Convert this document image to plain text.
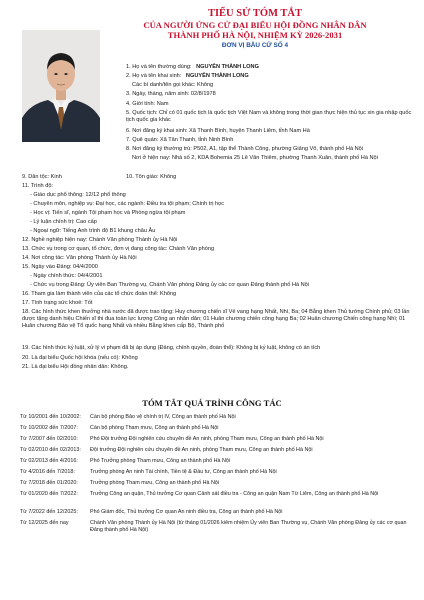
TIỂU SỬ TÓM TẮT
CỦA NGƯỜI ỨNG CỬ ĐẠI BIỂU HỘI ĐỒNG NHÂN DÂN
THÀNH PHỐ HÀ NỘI, NHIỆM KỲ 2026-2031
ĐƠN VỊ BẦU CỬ SỐ 4
1. Họ và tên thường dùng: NGUYỄN THÀNH LONG
2. Họ và tên khai sinh: NGUYỄN THÀNH LONG
Các bí danh/tên gọi khác: Không
3. Ngày, tháng, năm sinh: 02/8/1978
4. Giới tính: Nam
5. Quốc tịch: Chỉ có 01 quốc tịch là quốc tịch Việt Nam và không trong thời gian thực hiện thủ tục xin gia nhập quốc tịch quốc gia khác
6. Nơi đăng ký khai sinh: Xã Thanh Bình, huyện Thanh Liêm, tỉnh Nam Hà
7. Quê quán: Xã Tân Thanh, tỉnh Ninh Bình
8. Nơi đăng ký thường trú: P502, A1, tập thể Thành Công, phường Giảng Võ, thành phố Hà Nội
Nơi ở hiện nay: Nhà số 2, KDA Bohemia 25 Lê Văn Thiêm, phường Thanh Xuân, thành phố Hà Nội
9. Dân tộc: Kinh	10. Tôn giáo: Không
11. Trình độ:
- Giáo dục phổ thông: 12/12 phổ thông
- Chuyên môn, nghiệp vụ: Đại học, các ngành: Điều tra tội phạm; Chính trị học
- Học vị: Tiến sĩ, ngành Tội phạm học và Phòng ngừa tội phạm
- Lý luận chính trị: Cao cấp
- Ngoại ngữ: Tiếng Anh trình độ B1 khung châu Âu
12. Nghề nghiệp hiện nay: Chánh Văn phòng Thành ủy Hà Nội
13. Chức vụ trong cơ quan, tổ chức, đơn vị đang công tác: Chánh Văn phòng
14. Nơi công tác: Văn phòng Thành ủy Hà Nội
15. Ngày vào Đảng: 04/4/2000
- Ngày chính thức: 04/4/2001
- Chức vụ trong Đảng: Ủy viên Ban Thường vụ, Chánh Văn phòng Đảng ủy các cơ quan Đảng thành phố Hà Nội
16. Tham gia làm thành viên của các tổ chức đoàn thể: Không
17. Tình trạng sức khoẻ: Tốt
18. Các hình thức khen thưởng nhà nước đã được trao tặng: Huy chương chiến sĩ Vẻ vang hạng Nhất, Nhì, Ba; 04 Bằng khen Thủ tướng Chính phủ; 03 lần được tặng danh hiệu Chiến sĩ thi đua toàn lực lượng Công an nhân dân; 01 Huân chương chiến công hạng Ba; 02 Huân chương Chiến công hạng Nhì; 01 Huân chương Bảo vệ Tổ quốc hạng Nhất và nhiều Bằng khen cấp Bộ, Thành phố
19. Các hình thức kỷ luật, xử lý vi phạm đã bị áp dụng (Đảng, chính quyền, đoàn thể): Không bị kỷ luật, không có án tích
20. Là đại biểu Quốc hội khóa (nếu có): Không
21. Là đại biểu Hội đồng nhân dân: Không.
TÓM TẮT QUÁ TRÌNH CÔNG TÁC
Từ 10/2001 đến 10/2002:	Cán bộ phòng Bảo vệ chính trị IV, Công an thành phố Hà Nội
Từ 10/2002 đến 7/2007:	Cán bộ phòng Tham mưu, Công an thành phố Hà Nội
Từ 7/2007 đến 02/2010:	Phó Đội trưởng Đội nghiên cứu chuyên đề An ninh, phòng Tham mưu, Công an thành phố Hà Nội
Từ 02/2010 đến 02/2013:	Đội trưởng Đội nghiên cứu chuyên đề An ninh, phòng Tham mưu, Công an thành phố Hà Nội
Từ 02/2013 đến 4/2016:	Phó Trưởng phòng Tham mưu, Công an thành phố Hà Nội
Từ 4/2016 đến 7/2018:	Trưởng phòng An ninh Tài chính, Tiền tệ & Đầu tư, Công an thành phố Hà Nội
Từ 7/2018 đến 01/2020:	Trưởng phòng Tham mưu, Công an thành phố Hà Nội
Từ 01/2020 đến 7/2022:	Trưởng Công an quận, Thủ trưởng Cơ quan Cảnh sát điều tra - Công an quận Nam Từ Liêm, Công an thành phố Hà Nội
Từ 7/2022 đến 12/2025:	Phó Giám đốc, Thủ trưởng Cơ quan An ninh điều tra, Công an thành phố Hà Nội
Từ 12/2025 đến nay	Chánh Văn phòng Thành ủy Hà Nội (từ tháng 01/2026 kiêm nhiệm Ủy viên Ban Thường vụ, Chánh Văn phòng Đảng ủy các cơ quan Đảng thành phố Hà Nội)
